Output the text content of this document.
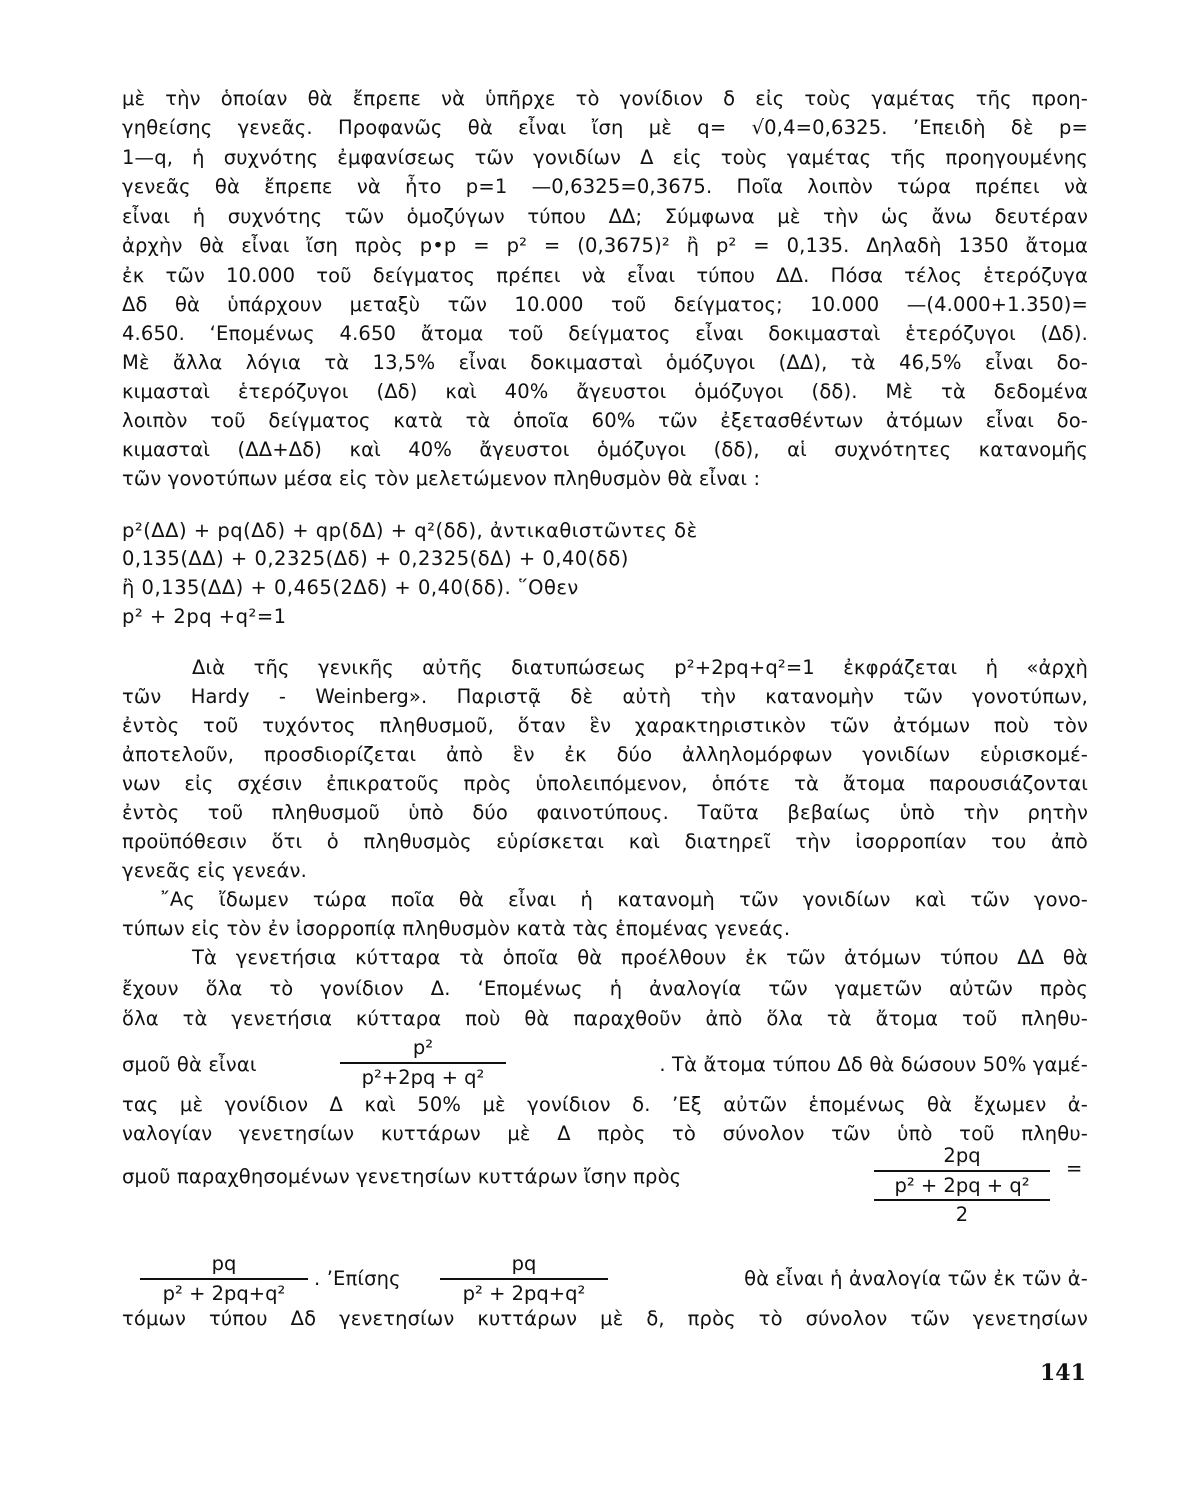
μὲ τὴν ὁποίαν θὰ ἔπρεπε νὰ ὑπῆρχε τὸ γονίδιον δ εἰς τοὺς γαμέτας τῆς προη-
γηθείσης γενεᾶς. Προφανῶς θὰ εἶναι ἴση μὲ q= √0,4=0,6325. ’Επειδὴ δὲ p=
1—q, ἡ συχνότης ἐμφανίσεως τῶν γονιδίων Δ εἰς τοὺς γαμέτας τῆς προηγουμένης
γενεᾶς θὰ ἔπρεπε νὰ ἦτο p=1 —0,6325=0,3675. Ποῖα λοιπὸν τώρα πρέπει νὰ
εἶναι ἡ συχνότης τῶν ὁμοζύγων τύπου ΔΔ; Σύμφωνα μὲ τὴν ὡς ἄνω δευτέραν
ἀρχὴν θὰ εἶναι ἴση πρὸς p•p = p² = (0,3675)² ἢ p² = 0,135. Δηλαδὴ 1350 ἄτομα
ἐκ τῶν 10.000 τοῦ δείγματος πρέπει νὰ εἶναι τύπου ΔΔ. Πόσα τέλος ἑτερόζυγα
Δδ θὰ ὑπάρχουν μεταξὺ τῶν 10.000 τοῦ δείγματος; 10.000 —(4.000+1.350)=
4.650. ‘Επομένως 4.650 ἄτομα τοῦ δείγματος εἶναι δοκιμασταὶ ἑτερόζυγοι (Δδ).
Μὲ ἄλλα λόγια τὰ 13,5% εἶναι δοκιμασταὶ ὁμόζυγοι (ΔΔ), τὰ 46,5% εἶναι δο-
κιμασταὶ ἑτερόζυγοι (Δδ) καὶ 40% ἄγευστοι ὁμόζυγοι (δδ). Μὲ τὰ δεδομένα
λοιπὸν τοῦ δείγματος κατὰ τὰ ὁποῖα 60% τῶν ἐξετασθέντων ἀτόμων εἶναι δο-
κιμασταὶ (ΔΔ+Δδ) καὶ 40% ἄγευστοι ὁμόζυγοι (δδ), αἱ συχνότητες κατανομῆς
τῶν γονοτύπων μέσα εἰς τὸν μελετώμενον πληθυσμὸν θὰ εἶναι :
p²(ΔΔ) + pq(Δδ) + qp(δΔ) + q²(δδ), ἀντικαθιστῶντες δὲ
0,135(ΔΔ) + 0,2325(Δδ) + 0,2325(δΔ) + 0,40(δδ)
ἢ 0,135(ΔΔ) + 0,465(2Δδ) + 0,40(δδ). ῞Οθεν
p² + 2pq +q²=1
Διὰ τῆς γενικῆς αὐτῆς διατυπώσεως p²+2pq+q²=1 ἐκφράζεται ἡ «ἀρχὴ
τῶν Hardy - Weinberg». Παριστᾷ δὲ αὐτὴ τὴν κατανομὴν τῶν γονοτύπων,
ἐντὸς τοῦ τυχόντος πληθυσμοῦ, ὅταν ἓν χαρακτηριστικὸν τῶν ἀτόμων ποὺ τὸν
ἀποτελοῦν, προσδιορίζεται ἀπὸ ἓν ἐκ δύο ἀλληλομόρφων γονιδίων εὑρισκομέ-
νων εἰς σχέσιν ἐπικρατοῦς πρὸς ὑπολειπόμενον, ὁπότε τὰ ἄτομα παρουσιάζονται
ἐντὸς τοῦ πληθυσμοῦ ὑπὸ δύο φαινοτύπους. Ταῦτα βεβαίως ὑπὸ τὴν ρητὴν
προϋπόθεσιν ὅτι ὁ πληθυσμὸς εὑρίσκεται καὶ διατηρεῖ τὴν ἰσορροπίαν του ἀπὸ
γενεᾶς εἰς γενεάν.
῎Ας ἴδωμεν τώρα ποῖα θὰ εἶναι ἡ κατανομὴ τῶν γονιδίων καὶ τῶν γονο-
τύπων εἰς τὸν ἐν ἰσορροπίᾳ πληθυσμὸν κατὰ τὰς ἑπομένας γενεάς.
Τὰ γενετήσια κύτταρα τὰ ὁποῖα θὰ προέλθουν ἐκ τῶν ἀτόμων τύπου ΔΔ θὰ
ἔχουν ὅλα τὸ γονίδιον Δ. ‘Επομένως ἡ ἀναλογία τῶν γαμετῶν αὐτῶν πρὸς
ὅλα τὰ γενετήσια κύτταρα ποὺ θὰ παραχθοῦν ἀπὸ ὅλα τὰ ἄτομα τοῦ πληθυ-
σμοῦ θὰ εἶναι
p²
p²+2pq + q²
. Τὰ ἄτομα τύπου Δδ θὰ δώσουν 50% γαμέ-
τας μὲ γονίδιον Δ καὶ 50% μὲ γονίδιον δ. ’Εξ αὐτῶν ἑπομένως θὰ ἔχωμεν ἀ-
ναλογίαν γενετησίων κυττάρων μὲ Δ πρὸς τὸ σύνολον τῶν ὑπὸ τοῦ πληθυ-
σμοῦ παραχθησομένων γενετησίων κυττάρων ἴσην πρὸς
2pq
p² + 2pq + q²
2
=
pq
p² + 2pq+q²
. ’Επίσης
pq
p² + 2pq+q²
θὰ εἶναι ἡ ἀναλογία τῶν ἐκ τῶν ἀ-
τόμων τύπου Δδ γενετησίων κυττάρων μὲ δ, πρὸς τὸ σύνολον τῶν γενετησίων
141
